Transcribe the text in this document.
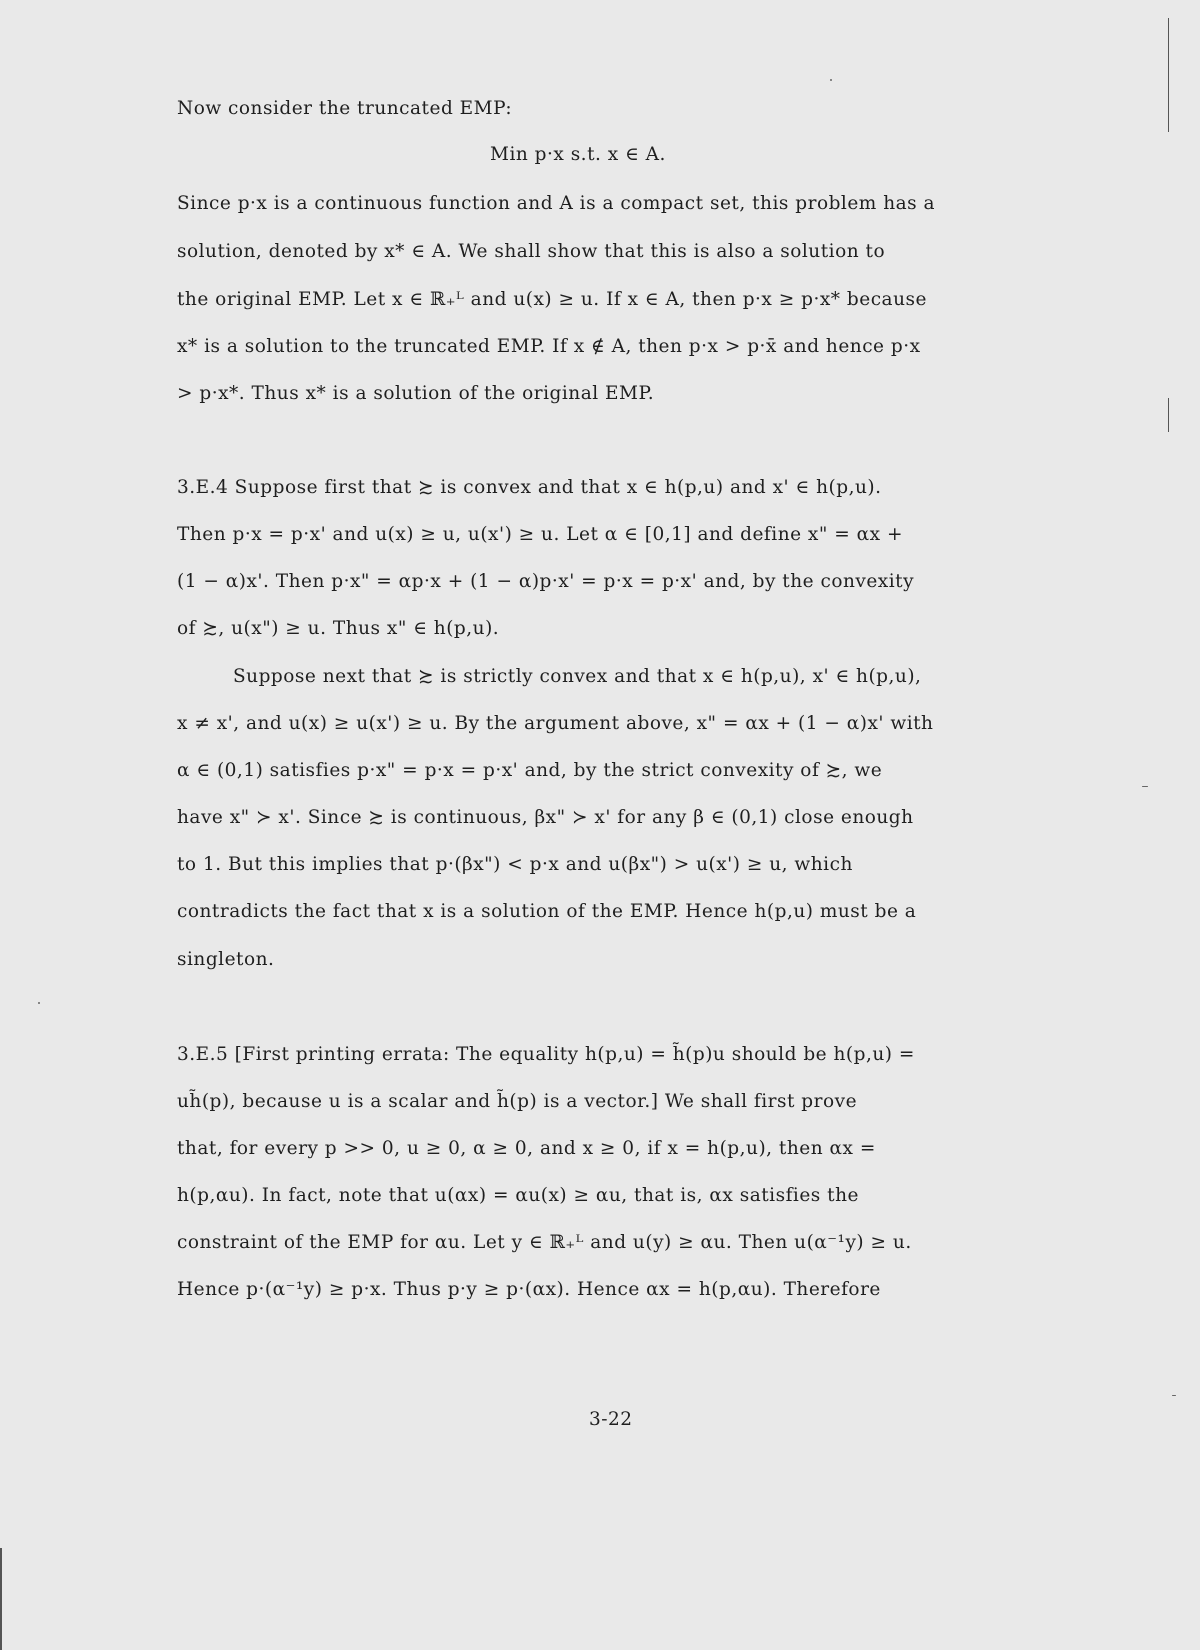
Now consider the truncated EMP:
Min p·x s.t. x ∈ A.
Since p·x is a continuous function and A is a compact set, this problem has a
solution, denoted by x* ∈ A. We shall show that this is also a solution to
the original EMP. Let x ∈ ℝ₊ᴸ and u(x) ≥ u. If x ∈ A, then p·x ≥ p·x* because
x* is a solution to the truncated EMP. If x ∉ A, then p·x > p·x̄ and hence p·x
> p·x*. Thus x* is a solution of the original EMP.
3.E.4 Suppose first that ≿ is convex and that x ∈ h(p,u) and x' ∈ h(p,u).
Then p·x = p·x' and u(x) ≥ u, u(x') ≥ u. Let α ∈ [0,1] and define x" = αx +
(1 − α)x'. Then p·x" = αp·x + (1 − α)p·x' = p·x = p·x' and, by the convexity
of ≿, u(x") ≥ u. Thus x" ∈ h(p,u).
Suppose next that ≿ is strictly convex and that x ∈ h(p,u), x' ∈ h(p,u),
x ≠ x', and u(x) ≥ u(x') ≥ u. By the argument above, x" = αx + (1 − α)x' with
α ∈ (0,1) satisfies p·x" = p·x = p·x' and, by the strict convexity of ≿, we
have x" ≻ x'. Since ≿ is continuous, βx" ≻ x' for any β ∈ (0,1) close enough
to 1. But this implies that p·(βx") < p·x and u(βx") > u(x') ≥ u, which
contradicts the fact that x is a solution of the EMP. Hence h(p,u) must be a
singleton.
3.E.5 [First printing errata: The equality h(p,u) = h̃(p)u should be h(p,u) =
uh̃(p), because u is a scalar and h̃(p) is a vector.] We shall first prove
that, for every p >> 0, u ≥ 0, α ≥ 0, and x ≥ 0, if x = h(p,u), then αx =
h(p,αu). In fact, note that u(αx) = αu(x) ≥ αu, that is, αx satisfies the
constraint of the EMP for αu. Let y ∈ ℝ₊ᴸ and u(y) ≥ αu. Then u(α⁻¹y) ≥ u.
Hence p·(α⁻¹y) ≥ p·x. Thus p·y ≥ p·(αx). Hence αx = h(p,αu). Therefore
3-22
